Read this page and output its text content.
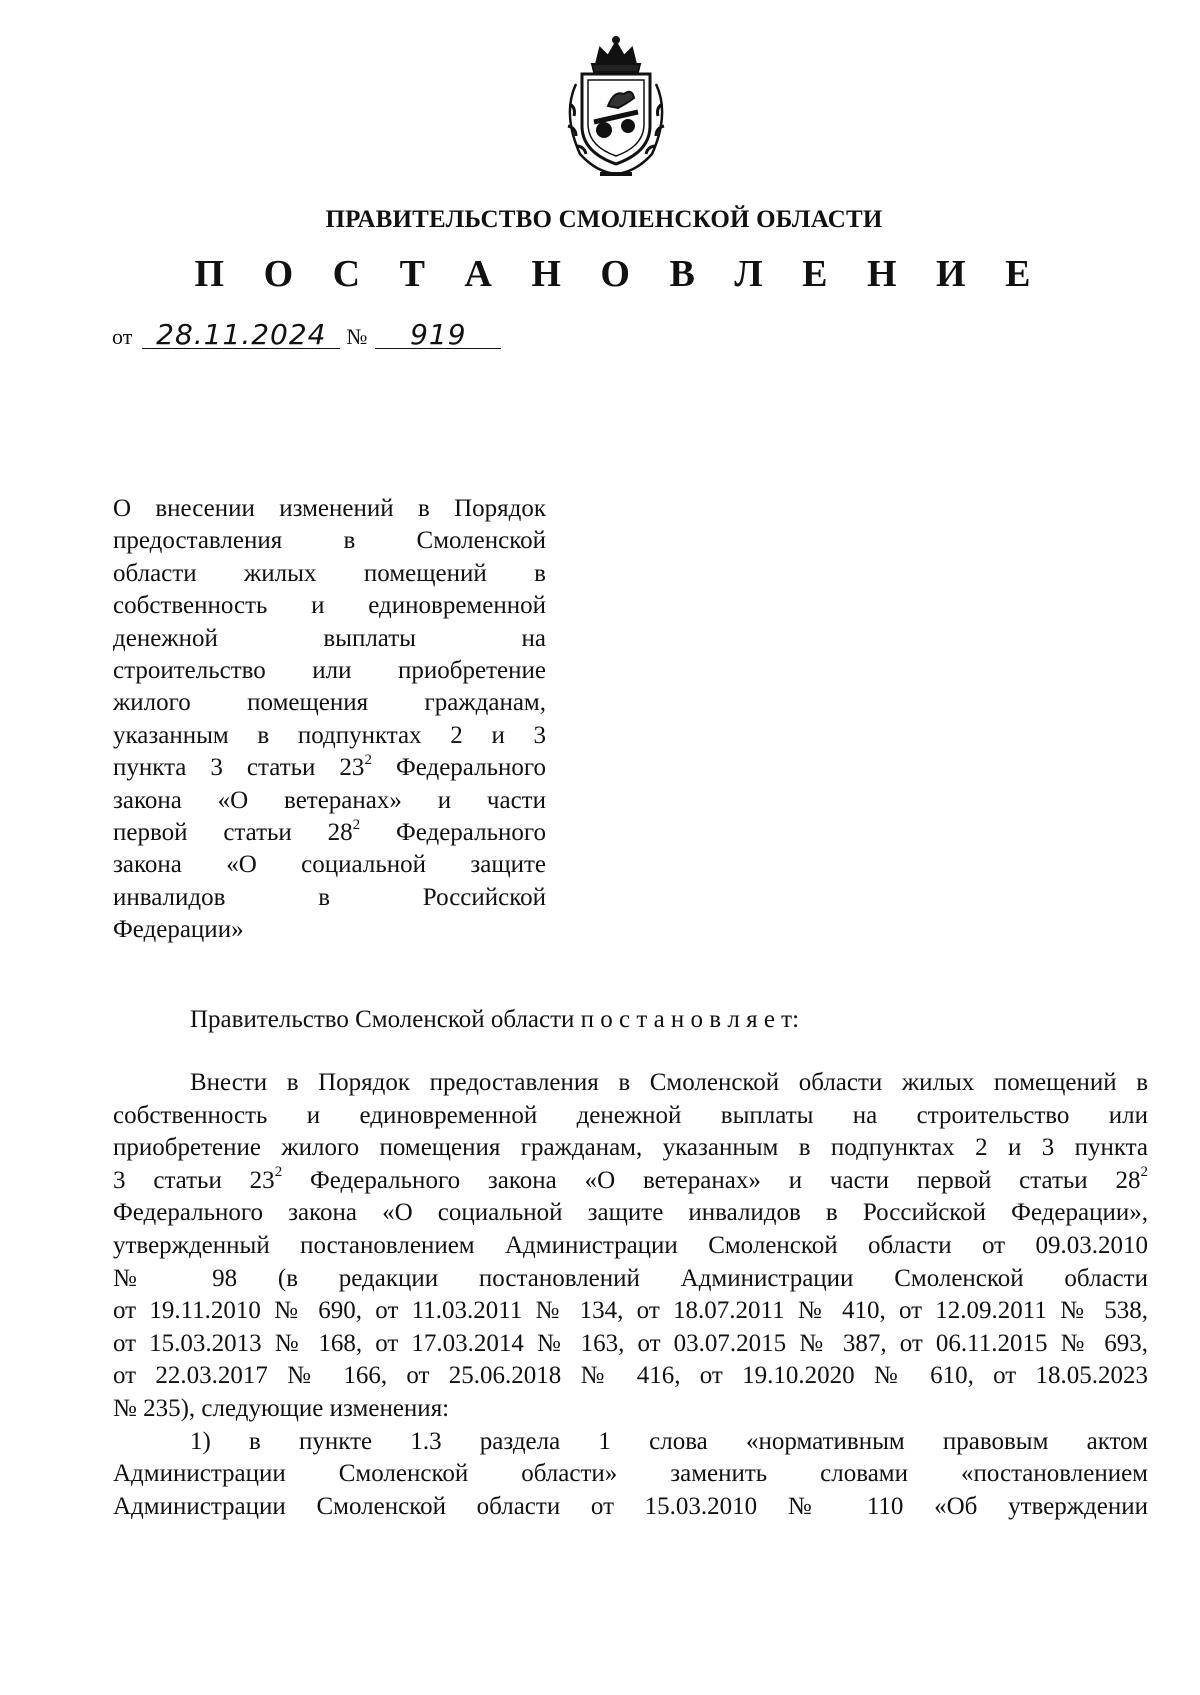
ПРАВИТЕЛЬСТВО СМОЛЕНСКОЙ ОБЛАСТИ
П О С Т А Н О В Л Е Н И Е
от 28.11.2024 № 919
О внесении изменений в Порядок
предоставления в Смоленской
области жилых помещений в
собственность и единовременной
денежной выплаты на
строительство или приобретение
жилого помещения гражданам,
указанным в подпунктах 2 и 3
пункта 3 статьи $23^2$ Федерального
закона «О ветеранах» и части
первой статьи $28^2$ Федерального
закона «О социальной защите
инвалидов в Российской
Федерации»
Правительство Смоленской области п о с т а н о в л я е т:
Внести в Порядок предоставления в Смоленской области жилых помещений в
собственность и единовременной денежной выплаты на строительство или
приобретение жилого помещения гражданам, указанным в подпунктах 2 и 3 пункта
3 статьи $23^2$ Федерального закона «О ветеранах» и части первой статьи $28^2$
Федерального закона «О социальной защите инвалидов в Российской Федерации»,
утвержденный постановлением Администрации Смоленской области от 09.03.2010
№ 98 (в редакции постановлений Администрации Смоленской области
от 19.11.2010 № 690, от 11.03.2011 № 134, от 18.07.2011 № 410, от 12.09.2011 № 538,
от 15.03.2013 № 168, от 17.03.2014 № 163, от 03.07.2015 № 387, от 06.11.2015 № 693,
от 22.03.2017 № 166, от 25.06.2018 № 416, от 19.10.2020 № 610, от 18.05.2023
№ 235), следующие изменения:
1) в пункте 1.3 раздела 1 слова «нормативным правовым актом
Администрации Смоленской области» заменить словами «постановлением
Администрации Смоленской области от 15.03.2010 № 110 «Об утверждении
